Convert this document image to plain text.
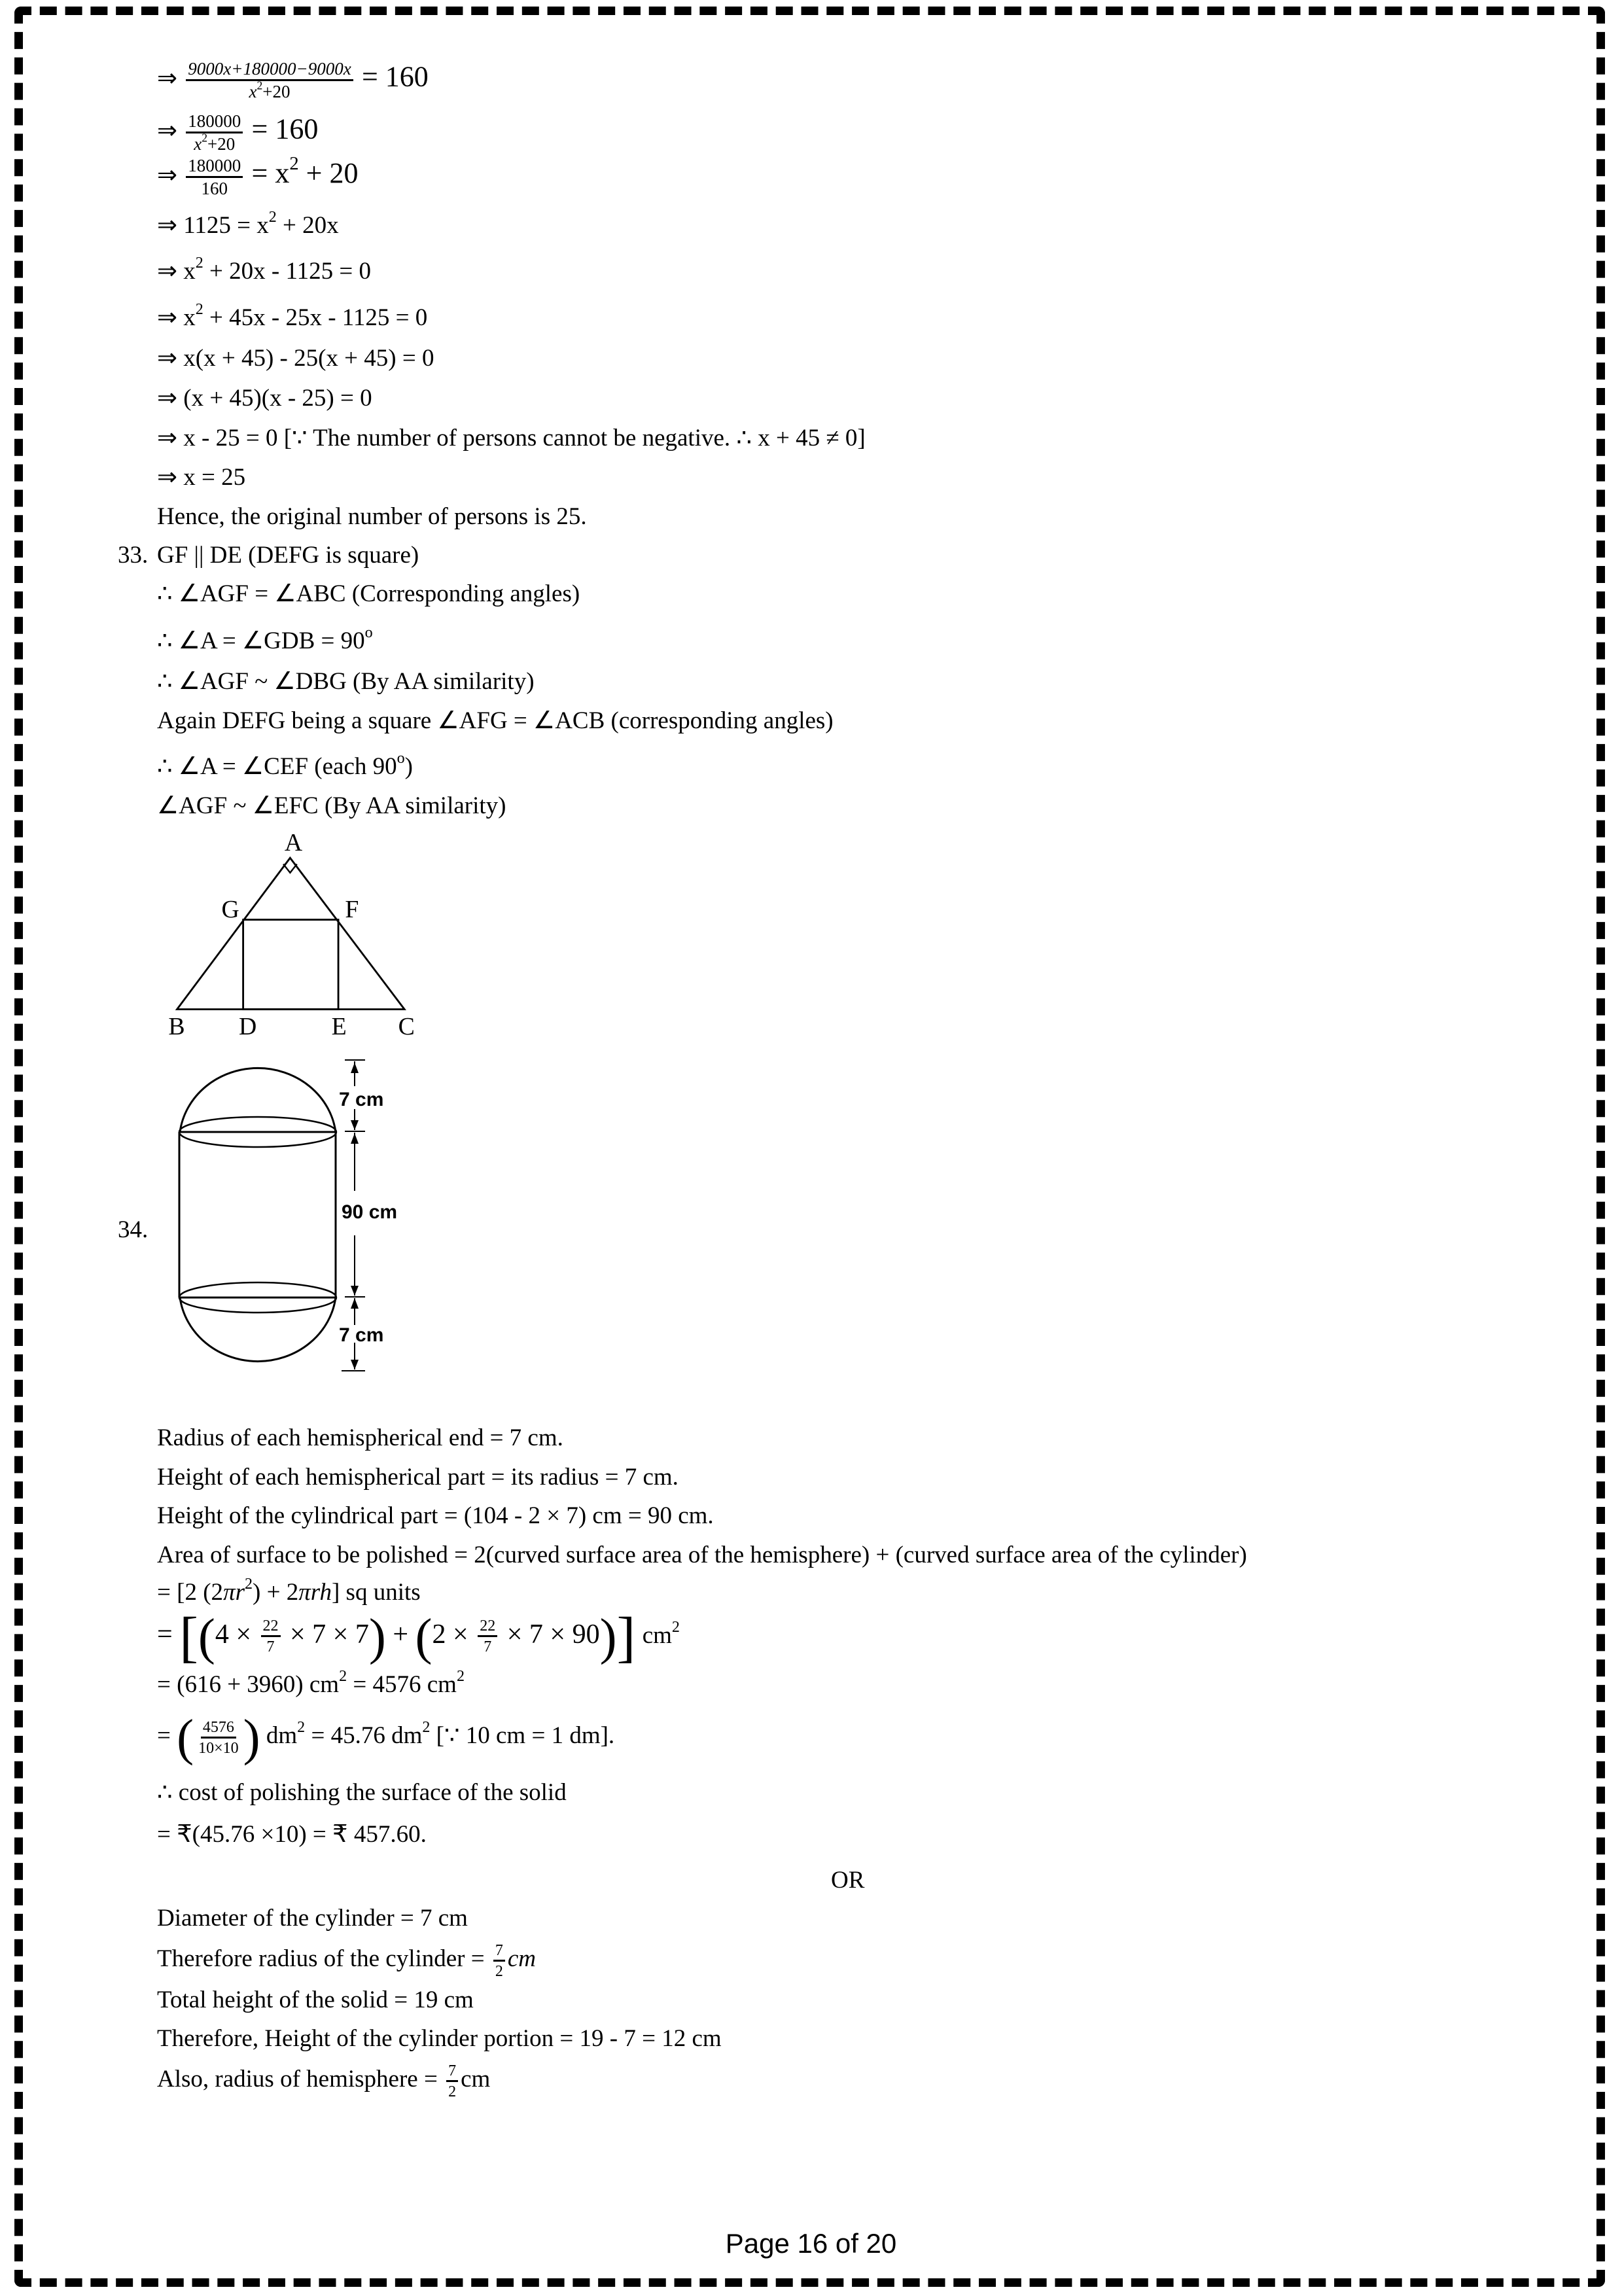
⇒ $\frac{9000x+180000-9000x}{x^2+20} = 160$
⇒ $\frac{180000}{x^2+20} = 160$
⇒ $\frac{180000}{160} = x^2 + 20$
⇒ $1125 = x^2 + 20x$
⇒ $x^2 + 20x - 1125 = 0$
⇒ $x^2 + 45x - 25x - 1125 = 0$
⇒ x(x + 45) - 25(x + 45) = 0
⇒ (x + 45)(x - 25) = 0
⇒ x - 25 = 0 [∵ The number of persons cannot be negative. ∴ x + 45 ≠ 0]
⇒ x = 25
Hence, the original number of persons is 25.
33. GF || DE (DEFG is square)
∴ ∠AGF = ∠ABC (Corresponding angles)
∴ ∠A = ∠GDB = $90^o$
∴ ∠AGF ~ ∠DBG (By AA similarity)
Again DEFG being a square ∠AFG = ∠ACB (corresponding angles)
∴ ∠A = ∠CEF (each 90$^o$)
∠AGF ~ ∠EFC (By AA similarity)
A
G	F
B D	E C
34.
7 cm
90 cm
7 cm
Radius of each hemispherical end = 7 cm.
Height of each hemispherical part = its radius = 7 cm.
Height of the cylindrical part = (104 - 2 × 7) cm = 90 cm.
Area of surface to be polished = 2(curved surface area of the hemisphere) + (curved surface area of the cylinder)
= [2 $(2\pi r^2) + 2\pi rh$] sq units
= $[(4 \times \frac{22}{7} \times 7 \times 7) + (2 \times \frac{22}{7} \times 7 \times 90)]$ $cm^2$
= (616 + 3960) $cm^2 = 4576$ $cm^2$
= ( $\frac{4576}{10\times 10}$ ) $dm^2 = 45.76$ $dm^2$ [∵ 10 cm = 1 dm].
∴ cost of polishing the surface of the solid
= ₹(45.76 ×10) = ₹ 457.60.
OR
Diameter of the cylinder = 7 cm
Therefore radius of the cylinder = $\frac{7}{2}$ cm
Total height of the solid = 19 cm
Therefore, Height of the cylinder portion = 19 - 7 = 12 cm
Also, radius of hemisphere = $\frac{7}{2}$ cm
Page 16 of 20
